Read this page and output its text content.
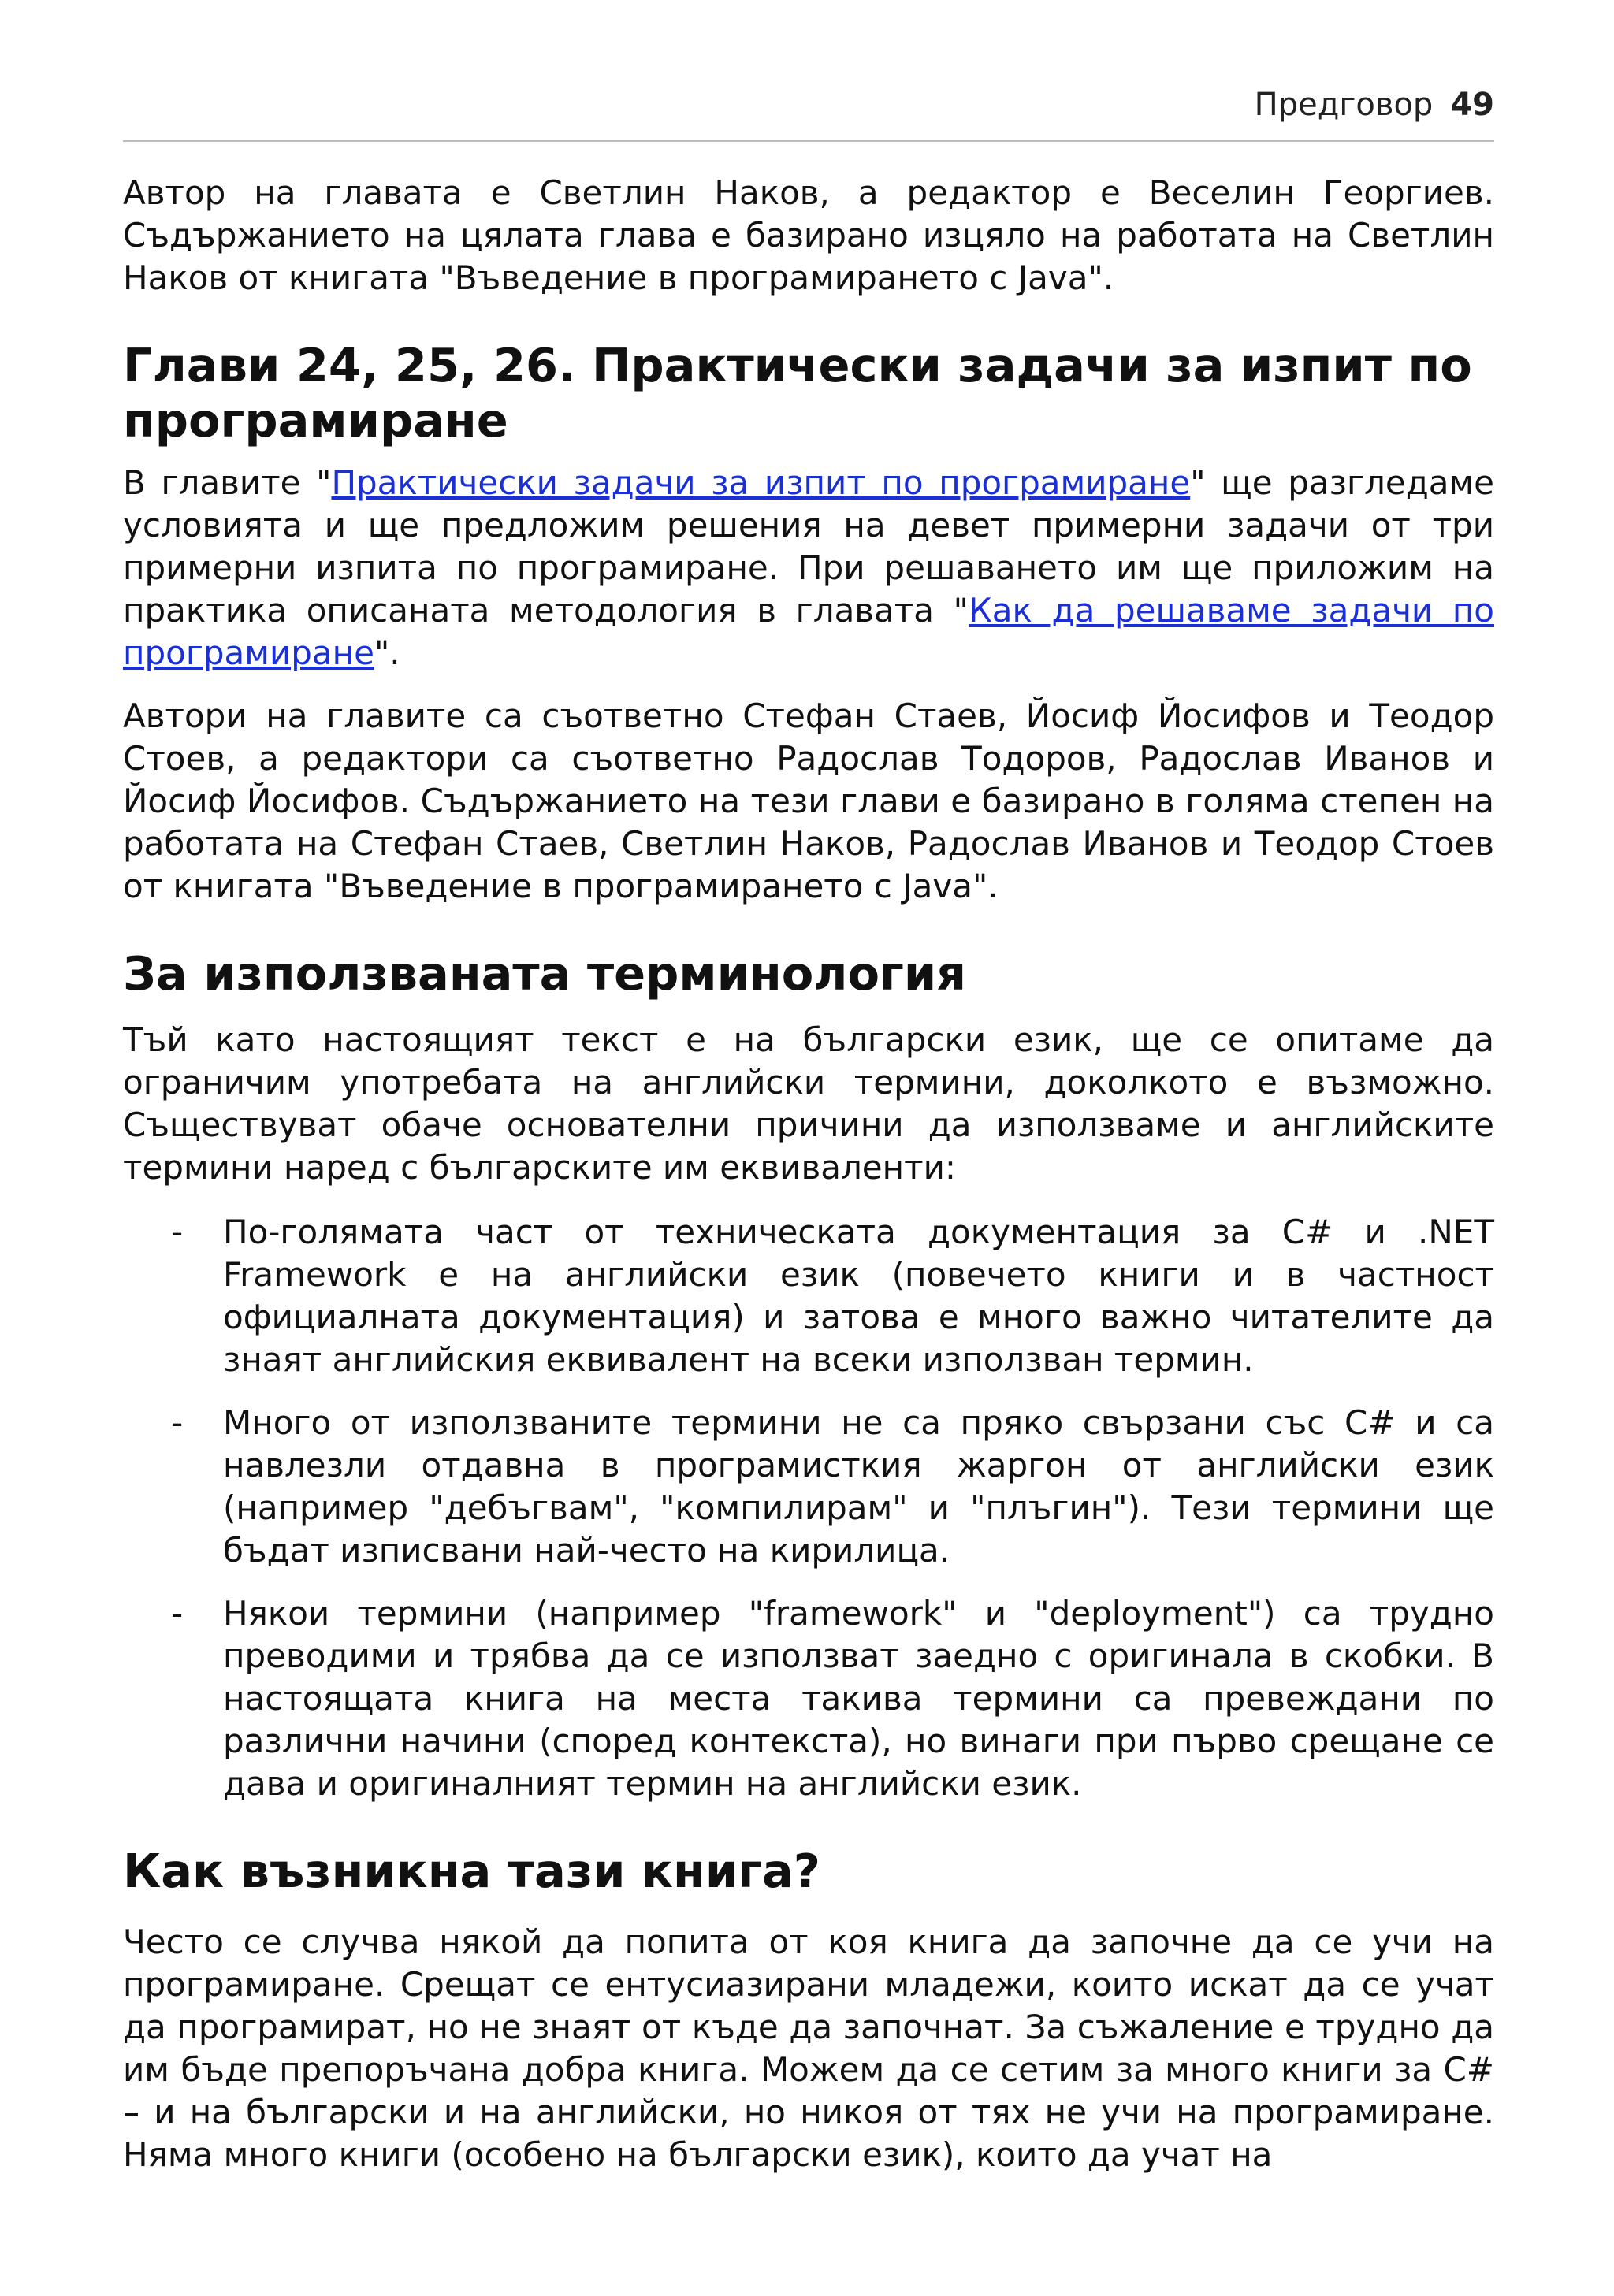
Предговор 49

Автор на главата е Светлин Наков, а редактор е Веселин Георгиев. Съдържанието на цялата глава е базирано изцяло на работата на Светлин Наков от книгата "Въведение в програмирането с Java".

Глави 24, 25, 26. Практически задачи за изпит по програмиране

В главите "Практически задачи за изпит по програмиране" ще разгледаме условията и ще предложим решения на девет примерни задачи от три примерни изпита по програмиране. При решаването им ще приложим на практика описаната методология в главата "Как да решаваме задачи по програмиране".

Автори на главите са съответно Стефан Стаев, Йосиф Йосифов и Теодор Стоев, а редактори са съответно Радослав Тодоров, Радослав Иванов и Йосиф Йосифов. Съдържанието на тези глави е базирано в голяма степен на работата на Стефан Стаев, Светлин Наков, Радослав Иванов и Теодор Стоев от книгата "Въведение в програмирането с Java".

За използваната терминология

Тъй като настоящият текст е на български език, ще се опитаме да ограничим употребата на английски термини, доколкото е възможно. Съществуват обаче основателни причини да използваме и английските термини наред с българските им еквиваленти:

- По-голямата част от техническата документация за C# и .NET Framework е на английски език (повечето книги и в частност официалната документация) и затова е много важно читателите да знаят английския еквивалент на всеки използван термин.
- Много от използваните термини не са пряко свързани със C# и са навлезли отдавна в програмисткия жаргон от английски език (например "дебъгвам", "компилирам" и "плъгин"). Тези термини ще бъдат изписвани най-често на кирилица.
- Някои термини (например "framework" и "deployment") са трудно преводими и трябва да се използват заедно с оригинала в скобки. В настоящата книга на места такива термини са превеждани по различни начини (според контекста), но винаги при първо срещане се дава и оригиналният термин на английски език.
Как възникна тази книга?

Често се случва някой да попита от коя книга да започне да се учи на програмиране. Срещат се ентусиазирани младежи, които искат да се учат да програмират, но не знаят от къде да започнат. За съжаление е трудно да им бъде препоръчана добра книга. Можем да се сетим за много книги за C# – и на български и на английски, но никоя от тях не учи на програмиране. Няма много книги (особено на български език), които да учат на
